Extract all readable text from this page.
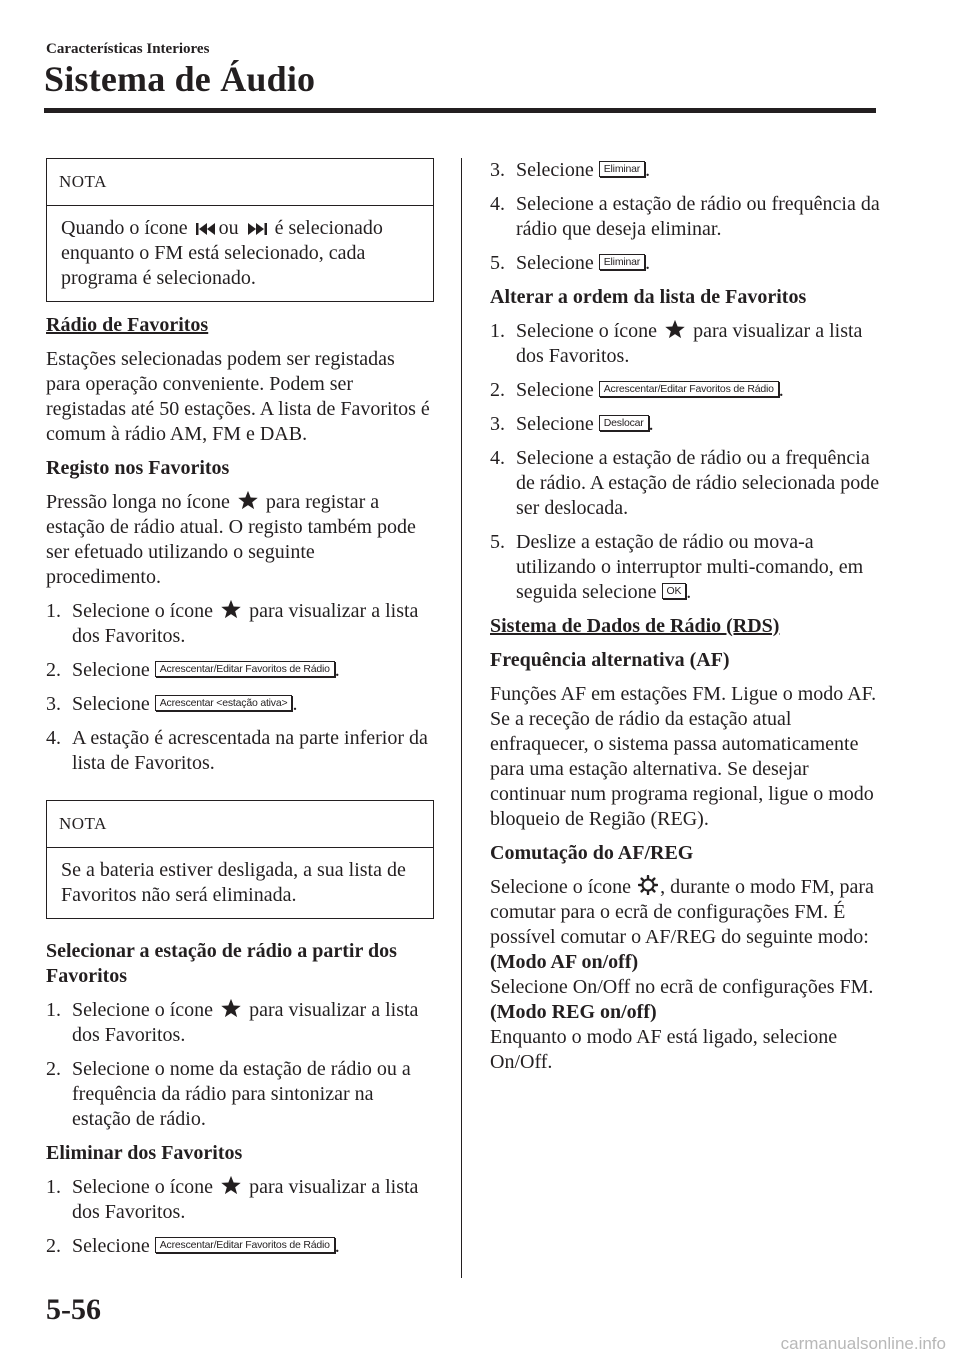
Características Interiores
Sistema de Áudio
NOTA
Quando o ícone ou é selecionado enquanto o FM está selecionado, cada programa é selecionado.

Rádio de Favoritos

Estações selecionadas podem ser registadas para operação conveniente. Podem ser registadas até 50 estações. A lista de Favoritos é comum à rádio AM, FM e DAB.

Registo nos Favoritos

Pressão longa no ícone para registar a estação de rádio atual. O registo também pode ser efetuado utilizando o seguinte procedimento.

1. Selecione o ícone para visualizar a lista dos Favoritos.
2. Selecione Acrescentar/Editar Favoritos de Rádio .
3. Selecione Acrescentar <estação ativa> .
4. A estação é acrescentada na parte inferior da lista de Favoritos.
NOTA
Se a bateria estiver desligada, a sua lista de Favoritos não será eliminada.

Selecionar a estação de rádio a partir dos Favoritos

1. Selecione o ícone para visualizar a lista dos Favoritos.
2. Selecione o nome da estação de rádio ou a frequência da rádio para sintonizar na estação de rádio.

Eliminar dos Favoritos

1. Selecione o ícone para visualizar a lista dos Favoritos.
2. Selecione Acrescentar/Editar Favoritos de Rádio .
3. Selecione Eliminar .
4. Selecione a estação de rádio ou frequência da rádio que deseja eliminar.
5. Selecione Eliminar .

Alterar a ordem da lista de Favoritos

1. Selecione o ícone para visualizar a lista dos Favoritos.
2. Selecione Acrescentar/Editar Favoritos de Rádio .
3. Selecione Deslocar .
4. Selecione a estação de rádio ou a frequência de rádio. A estação de rádio selecionada pode ser deslocada.
5. Deslize a estação de rádio ou mova-a utilizando o interruptor multi-comando, em seguida selecione OK .

Sistema de Dados de Rádio (RDS)

Frequência alternativa (AF)

Funções AF em estações FM. Ligue o modo AF. Se a receção de rádio da estação atual enfraquecer, o sistema passa automaticamente para uma estação alternativa. Se desejar continuar num programa regional, ligue o modo bloqueio de Região (REG).

Comutação do AF/REG

Selecione o ícone , durante o modo FM, para comutar para o ecrã de configurações FM. É possível comutar o AF/REG do seguinte modo:

(Modo AF on/off)

Selecione On/Off no ecrã de configurações FM.

(Modo REG on/off)

Enquanto o modo AF está ligado, selecione On/Off.

5-56
carmanualsonline.info
